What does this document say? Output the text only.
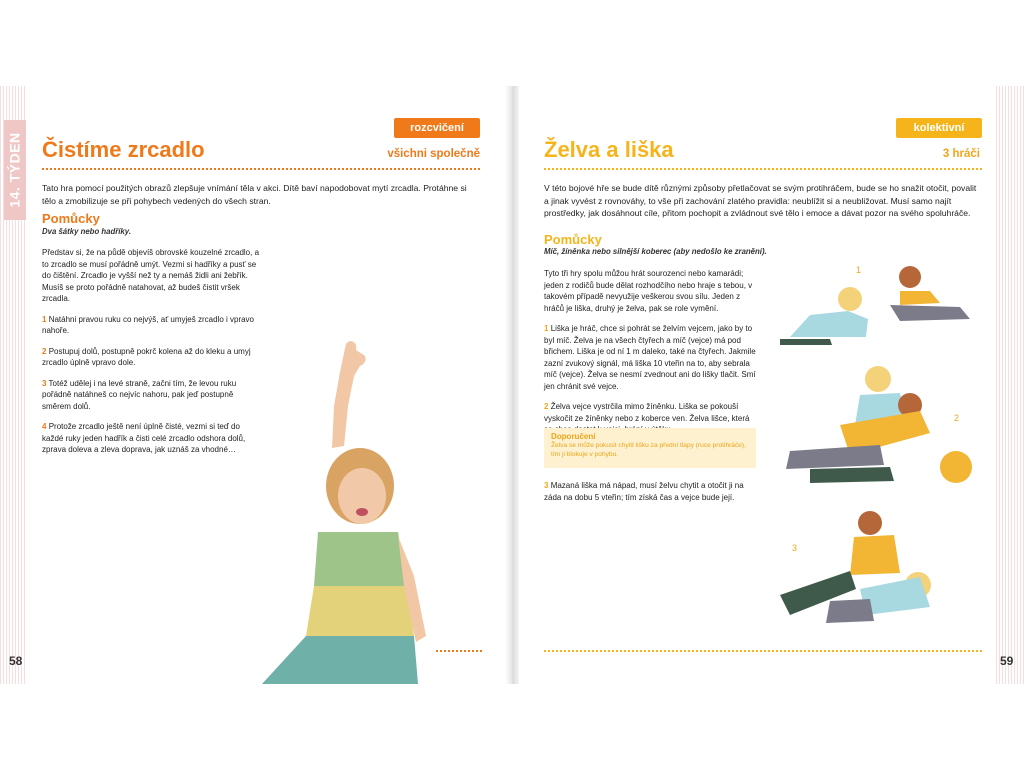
14. TÝDEN
rozcvičení
všichni společně
Čistíme zrcadlo
Tato hra pomocí použitých obrazů zlepšuje vnímání těla v akci. Dítě baví napodobovat mytí zrcadla. Protáhne si tělo a zmobilizuje se při pohybech vedených do všech stran.
Pomůcky
Dva šátky nebo hadříky.

Představ si, že na půdě objevíš obrovské kouzelné zrcadlo, a to zrcadlo se musí pořádně umýt. Vezmi si hadříky a pusť se do čištění. Zrcadlo je vyšší než ty a nemáš židli ani žebřík. Musíš se proto pořádně natahovat, až budeš čistit vršek zrcadla.

1 Natáhni pravou ruku co nejvýš, ať umyješ zrcadlo i vpravo nahoře.

2 Postupuj dolů, postupně pokrč kolena až do kleku a umyj zrcadlo úplně vpravo dole.

3 Totéž udělej i na levé straně, začni tím, že levou ruku pořádně natáhneš co nejvíc nahoru, pak jeď postupně směrem dolů.

4 Protože zrcadlo ještě není úplně čisté, vezmi si teď do každé ruky jeden hadřík a čisti celé zrcadlo odshora dolů, zprava doleva a zleva doprava, jak uznáš za vhodné…

58
kolektivní hra
3 hráči
Želva a liška
V této bojové hře se bude dítě různými způsoby přetlačovat se svým protihráčem, bude se ho snažit otočit, povalit a jinak vyvést z rovnováhy, to vše při zachování zlatého pravidla: neublížit si a neubližovat. Musí samo najít prostředky, jak dosáhnout cíle, přitom pochopit a zvládnout své tělo i emoce a dávat pozor na svého spoluhráče.
Pomůcky
Míč, žíněnka nebo silnější koberec (aby nedošlo ke zranění).

Tyto tři hry spolu můžou hrát sourozenci nebo kamarádi; jeden z rodičů bude dělat rozhodčího nebo hraje s tebou, v takovém případě nevyužije veškerou svou sílu. Jeden z hráčů je liška, druhý je želva, pak se role vymění.

1 Liška je hráč, chce si pohrát se želvím vejcem, jako by to byl míč. Želva je na všech čtyřech a míč (vejce) má pod břichem. Liška je od ní 1 m daleko, také na čtyřech. Jakmile zazní zvukový signál, má liška 10 vteřin na to, aby sebrala míč (vejce). Želva se nesmí zvednout ani do lišky tlačit. Smí jen chránit své vejce.

2 Želva vejce vystrčila mimo žíněnku. Liška se pokouší vyskočit ze žíněnky nebo z koberce ven. Želva lišce, která

Doporučení
Želva se může pokusit chytit lišku za přední tlapy (ruce protihráče), tím ji blokuje v pohybu.
3 Mazaná liška má nápad, musí želvu chytit a otočit ji na záda na dobu 5 vteřin; tím získá čas a vejce bude její.
1
2
3
59
